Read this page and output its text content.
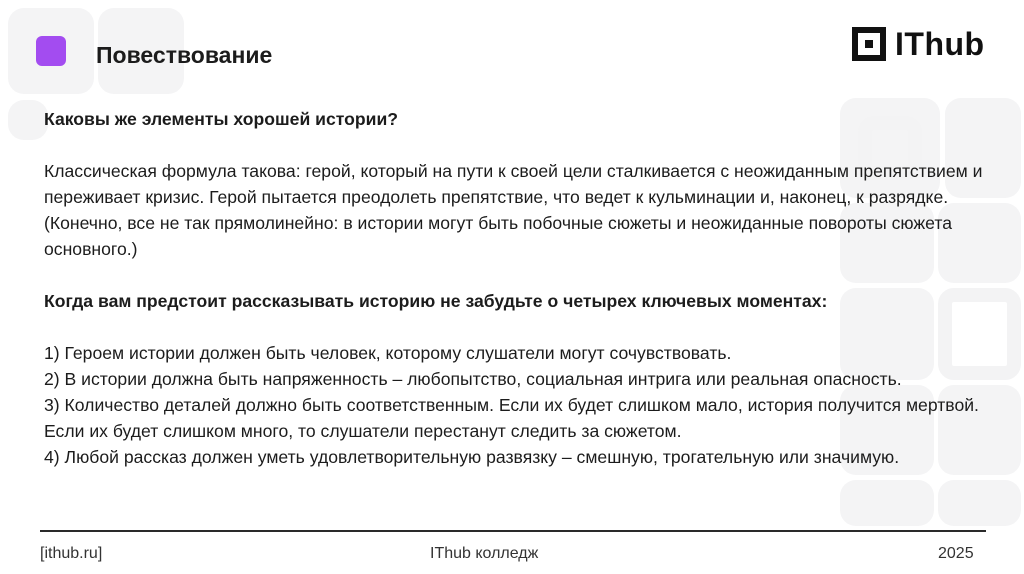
Повествование	IThub

Каковы же элементы хорошей истории?

Классическая формула такова: герой, который на пути к своей цели сталкивается с неожиданным препятствием и переживает кризис. Герой пытается преодолеть препятствие, что ведет к кульминации и, наконец, к разрядке. (Конечно, все не так прямолинейно: в истории могут быть побочные сюжеты и неожиданные повороты сюжета основного.)

Когда вам предстоит рассказывать историю не забудьте о четырех ключевых моментах:

1) Героем истории должен быть человек, которому слушатели могут сочувствовать.

2) В истории должна быть напряженность – любопытство, социальная интрига или реальная опасность.

3) Количество деталей должно быть соответственным. Если их будет слишком мало, история получится мертвой. Если их будет слишком много, то слушатели перестанут следить за сюжетом.

4) Любой рассказ должен уметь удовлетворительную развязку – смешную, трогательную или значимую.

[ithub.ru]	IThub колледж	2025
